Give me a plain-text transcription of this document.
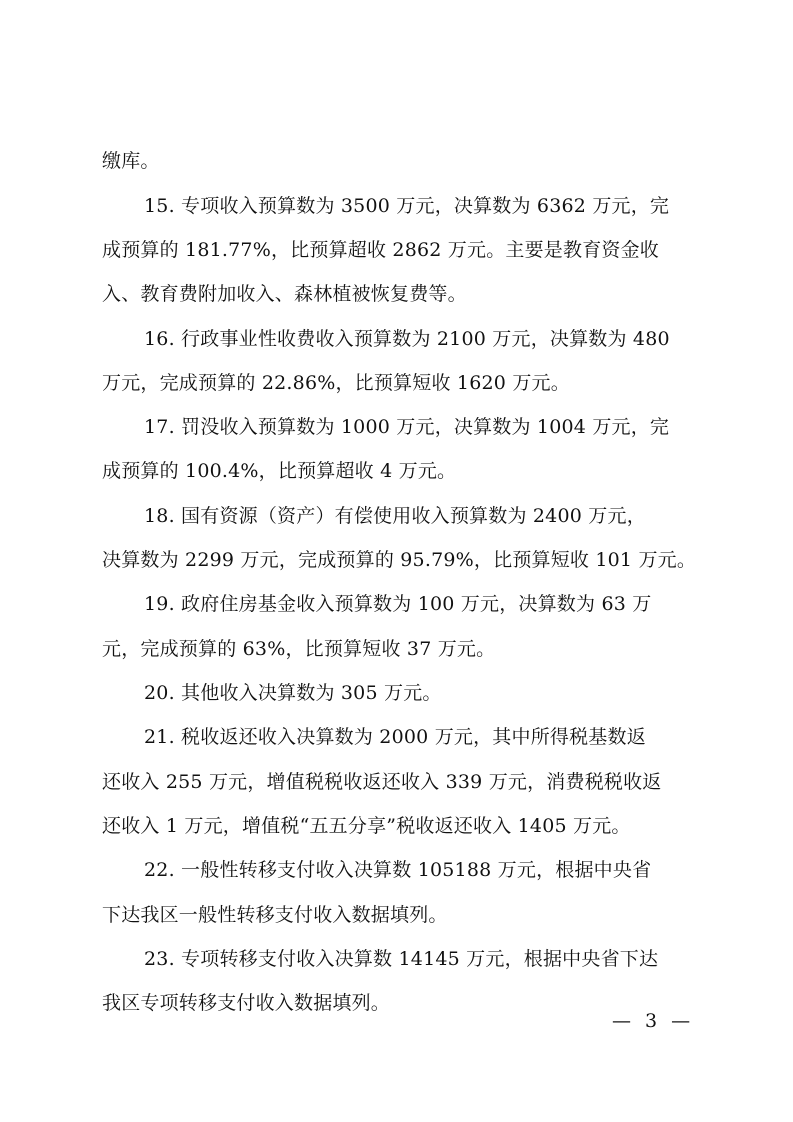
缴库。
15. 专项收入预算数为 3500 万元，决算数为 6362 万元，完
成预算的 181.77%，比预算超收 2862 万元。主要是教育资金收
入、教育费附加收入、森林植被恢复费等。
16. 行政事业性收费收入预算数为 2100 万元，决算数为 480
万元，完成预算的 22.86%，比预算短收 1620 万元。
17. 罚没收入预算数为 1000 万元，决算数为 1004 万元，完
成预算的 100.4%，比预算超收 4 万元。
18. 国有资源（资产）有偿使用收入预算数为 2400 万元，
决算数为 2299 万元，完成预算的 95.79%，比预算短收 101 万元。
19. 政府住房基金收入预算数为 100 万元，决算数为 63 万
元，完成预算的 63%，比预算短收 37 万元。
20. 其他收入决算数为 305 万元。
21. 税收返还收入决算数为 2000 万元，其中所得税基数返
还收入 255 万元，增值税税收返还收入 339 万元，消费税税收返
还收入 1 万元，增值税“五五分享”税收返还收入 1405 万元。
22. 一般性转移支付收入决算数 105188 万元，根据中央省
下达我区一般性转移支付收入数据填列。
23. 专项转移支付收入决算数 14145 万元，根据中央省下达
我区专项转移支付收入数据填列。
— 3 —
